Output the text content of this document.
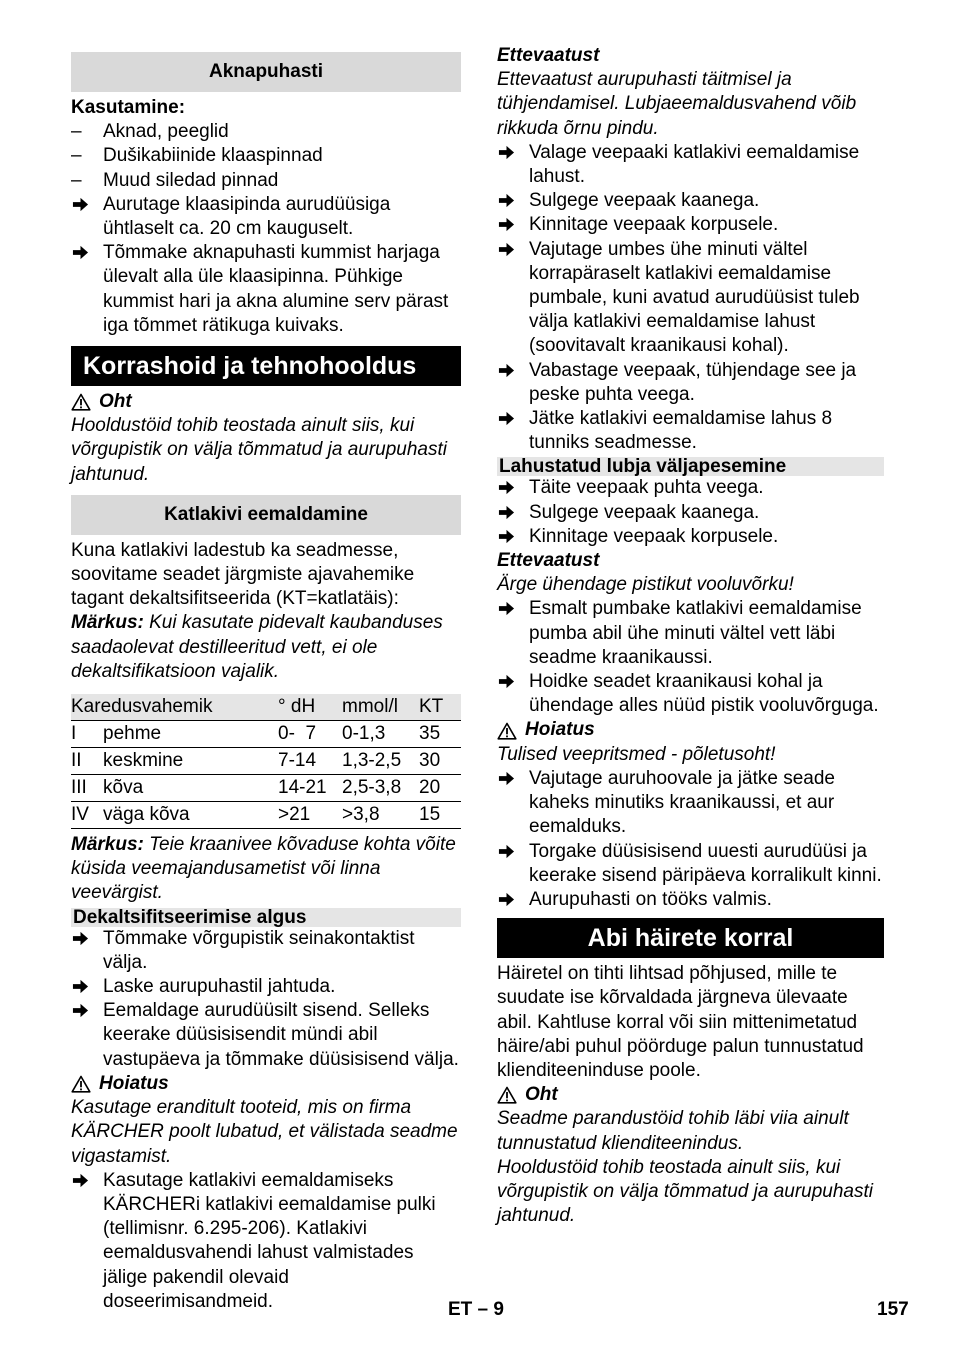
Aknapuhasti

Kasutamine:

– Aknad, peeglid
– Dušikabiinide klaaspinnad
– Muud siledad pinnad
Aurutage klaasipinda aurudüüsiga ühtlaselt ca. 20 cm kauguselt.
Tõmmake aknapuhasti kummist harjaga ülevalt alla üle klaasipinna. Pühkige kummist hari ja akna alumine serv pärast iga tõmmet rätikuga kuivaks.
Korrashoid ja tehnohooldus

Oht

Hooldustöid tohib teostada ainult siis, kui võrgupistik on välja tõmmatud ja aurupuhasti jahtunud.

Katlakivi eemaldamine

Kuna katlakivi ladestub ka seadmesse, soovitame seadet järgmiste ajavahemike tagant dekaltsifitseerida (KT=katlatäis):

Märkus: Kui kasutate pidevalt kaubanduses saadaolevat destilleeritud vett, ei ole dekaltsifikatsioon vajalik.

Karedusvahemik		° dH	mmol/l	KT
I	pehme	0-  7	0-1,3	35
II	keskmine	7-14	1,3-2,5	30
III	kõva	14-21	2,5-3,8	20
IV	väga kõva	>21	>3,8	15

Märkus: Teie kraanivee kõvaduse kohta võite küsida veemajandusametist või linna veevärgist.

Dekaltsifitseerimise algus
Tõmmake võrgupistik seinakontaktist välja.
Laske aurupuhastil jahtuda.
Eemaldage aurudüüsilt sisend. Selleks keerake düüsisisendit mündi abil vastupäeva ja tõmmake düüsisisend välja.

Hoiatus

Kasutage eranditult tooteid, mis on firma KÄRCHER poolt lubatud, et välistada seadme vigastamist.

Kasutage katlakivi eemaldamiseks KÄRCHERi katlakivi eemaldamise pulki (tellimisnr. 6.295-206). Katlakivi eemaldusvahendi lahust valmistades jälige pakendil olevaid doseerimisandmeid.

Ettevaatust

Ettevaatust aurupuhasti täitmisel ja tühjendamisel. Lubjaeemaldusvahend võib rikkuda õrnu pindu.

Valage veepaaki katlakivi eemaldamise lahust.
Sulgege veepaak kaanega.
Kinnitage veepaak korpusele.
Vajutage umbes ühe minuti vältel korrapäraselt katlakivi eemaldamise pumbale, kuni avatud aurudüüsist tuleb välja katlakivi eemaldamise lahust (soovitavalt kraanikausi kohal).
Vabastage veepaak, tühjendage see ja peske puhta veega.
Jätke katlakivi eemaldamise lahus 8 tunniks seadmesse.
Lahustatud lubja väljapesemine
Täite veepaak puhta veega.
Sulgege veepaak kaanega.
Kinnitage veepaak korpusele.

Ettevaatust

Ärge ühendage pistikut vooluvõrku!

Esmalt pumbake katlakivi eemaldamise pumba abil ühe minuti vältel vett läbi seadme kraanikaussi.
Hoidke seadet kraanikausi kohal ja ühendage alles nüüd pistik vooluvõrguga.

Hoiatus

Tulised veepritsmed - põletusoht!

Vajutage auruhoovale ja jätke seade kaheks minutiks kraanikaussi, et aur eemalduks.
Torgake düüsisisend uuesti aurudüüsi ja keerake sisend päripäeva korralikult kinni.
Aurupuhasti on tööks valmis.
Abi häirete korral

Häiretel on tihti lihtsad põhjused, mille te suudate ise kõrvaldada järgneva ülevaate abil. Kahtluse korral või siin mittenimetatud häire/abi puhul pöörduge palun tunnustatud klienditeeninduse poole.

Oht

Seadme parandustöid tohib läbi viia ainult tunnustatud klienditeenindus.

Hooldustöid tohib teostada ainult siis, kui võrgupistik on välja tõmmatud ja aurupuhasti jahtunud.

ET – 9	157
